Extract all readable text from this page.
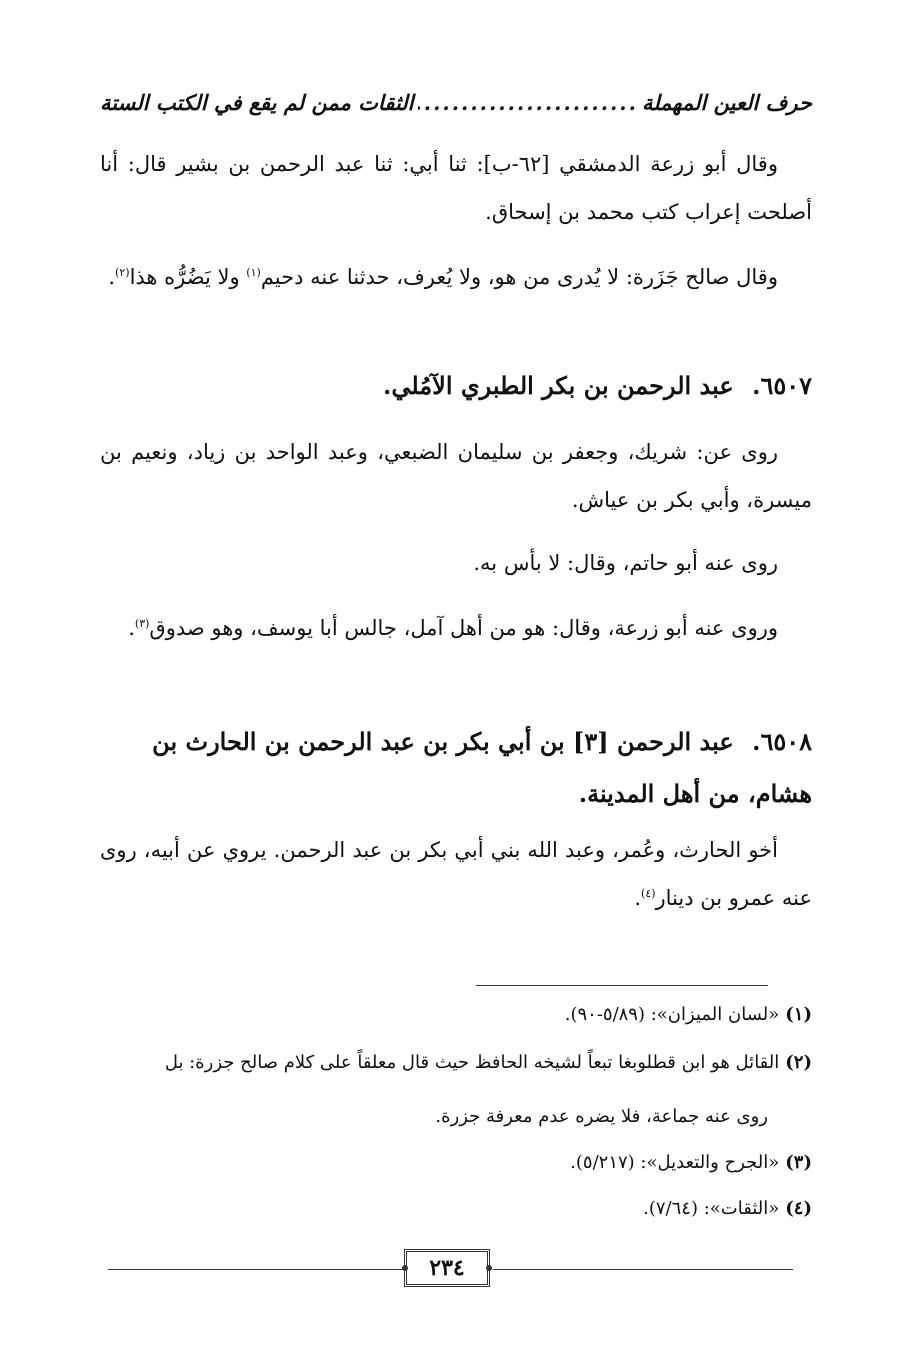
حرف العين المهملة
.....
الثقات ممن لم يقع في الكتب الستة
وقال أبو زرعة الدمشقي [٦٢-ب]: ثنا أبي: ثنا عبد الرحمن بن بشير قال: أنا أصلحت إعراب كتب محمد بن إسحاق.
وقال صالح جَزَرة: لا يُدرى من هو، ولا يُعرف، حدثنا عنه دحيم$^{(١)}$ ولا يَضُرُّه هذا$^{(٢)}$.
٦٥٠٧. عبد الرحمن بن بكر الطبري الآمُلي.
روى عن: شريك، وجعفر بن سليمان الضبعي، وعبد الواحد بن زياد، ونعيم بن ميسرة، وأبي بكر بن عياش.
روى عنه أبو حاتم، وقال: لا بأس به.
وروى عنه أبو زرعة، وقال: هو من أهل آمل، جالس أبا يوسف، وهو صدوق$^{(٣)}$.
٦٥٠٨. عبد الرحمن [٣] بن أبي بكر بن عبد الرحمن بن الحارث بن هشام، من أهل المدينة.
أخو الحارث، وعُمر، وعبد الله بني أبي بكر بن عبد الرحمن. يروي عن أبيه، روى عنه عمرو بن دينار$^{(٤)}$.
(١)«لسان الميزان»: (٥/٨٩-٩٠).
(٢)القائل هو ابن قطلوبغا تبعاً لشيخه الحافظ حيث قال معلقاً على كلام صالح جزرة: بل
روى عنه جماعة، فلا يضره عدم معرفة جزرة.
(٣)«الجرح والتعديل»: (٥/٢١٧).
(٤)«الثقات»: (٧/٦٤).
٢٣٤
